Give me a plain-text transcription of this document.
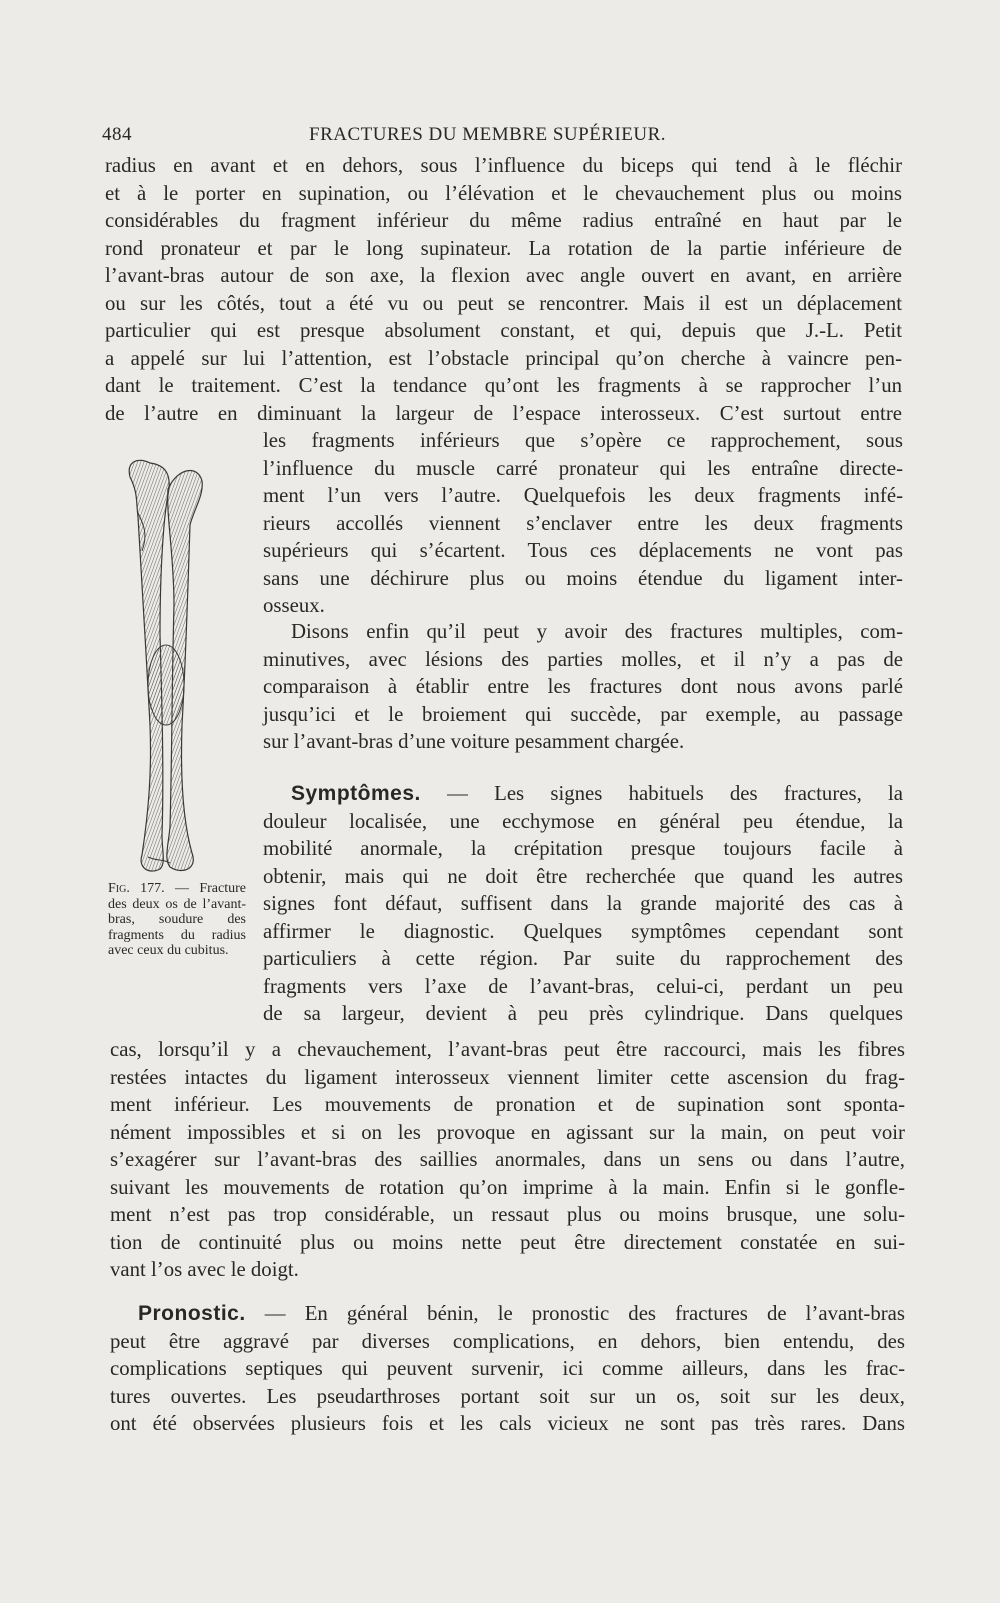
484	FRACTURES DU MEMBRE SUPÉRIEUR.
radius en avant et en dehors, sous l’influence du biceps qui tend à le fléchir
et à le porter en supination, ou l’élévation et le chevauchement plus ou moins
considérables du fragment inférieur du même radius entraîné en haut par le
rond pronateur et par le long supinateur. La rotation de la partie inférieure de
l’avant-bras autour de son axe, la flexion avec angle ouvert en avant, en arrière
ou sur les côtés, tout a été vu ou peut se rencontrer. Mais il est un déplacement
particulier qui est presque absolument constant, et qui, depuis que J.-L. Petit
a appelé sur lui l’attention, est l’obstacle principal qu’on cherche à vaincre pen-
dant le traitement. C’est la tendance qu’ont les fragments à se rapprocher l’un
de l’autre en diminuant la largeur de l’espace interosseux. C’est surtout entre
les fragments inférieurs que s’opère ce rapprochement, sous
l’influence du muscle carré pronateur qui les entraîne directe-
ment l’un vers l’autre. Quelquefois les deux fragments infé-
rieurs accollés viennent s’enclaver entre les deux fragments
supérieurs qui s’écartent. Tous ces déplacements ne vont pas
sans une déchirure plus ou moins étendue du ligament inter-
osseux.
Disons enfin qu’il peut y avoir des fractures multiples, com-
minutives, avec lésions des parties molles, et il n’y a pas de
comparaison à établir entre les fractures dont nous avons parlé
jusqu’ici et le broiement qui succède, par exemple, au passage
sur l’avant-bras d’une voiture pesamment chargée.
Symptômes. — Les signes habituels des fractures, la
douleur localisée, une ecchymose en général peu étendue, la
mobilité anormale, la crépitation presque toujours facile à
obtenir, mais qui ne doit être recherchée que quand les autres
signes font défaut, suffisent dans la grande majorité des cas à
affirmer le diagnostic. Quelques symptômes cependant sont
particuliers à cette région. Par suite du rapprochement des
fragments vers l’axe de l’avant-bras, celui-ci, perdant un peu
de sa largeur, devient à peu près cylindrique. Dans quelques
Fig. 177. — Fracture des deux os de l’avant-bras, soudure des fragments du radius avec ceux du cubitus.
cas, lorsqu’il y a chevauchement, l’avant-bras peut être raccourci, mais les fibres
restées intactes du ligament interosseux viennent limiter cette ascension du frag-
ment inférieur. Les mouvements de pronation et de supination sont sponta-
nément impossibles et si on les provoque en agissant sur la main, on peut voir
s’exagérer sur l’avant-bras des saillies anormales, dans un sens ou dans l’autre,
suivant les mouvements de rotation qu’on imprime à la main. Enfin si le gonfle-
ment n’est pas trop considérable, un ressaut plus ou moins brusque, une solu-
tion de continuité plus ou moins nette peut être directement constatée en sui-
vant l’os avec le doigt.
Pronostic. — En général bénin, le pronostic des fractures de l’avant-bras
peut être aggravé par diverses complications, en dehors, bien entendu, des
complications septiques qui peuvent survenir, ici comme ailleurs, dans les frac-
tures ouvertes. Les pseudarthroses portant soit sur un os, soit sur les deux,
ont été observées plusieurs fois et les cals vicieux ne sont pas très rares. Dans
